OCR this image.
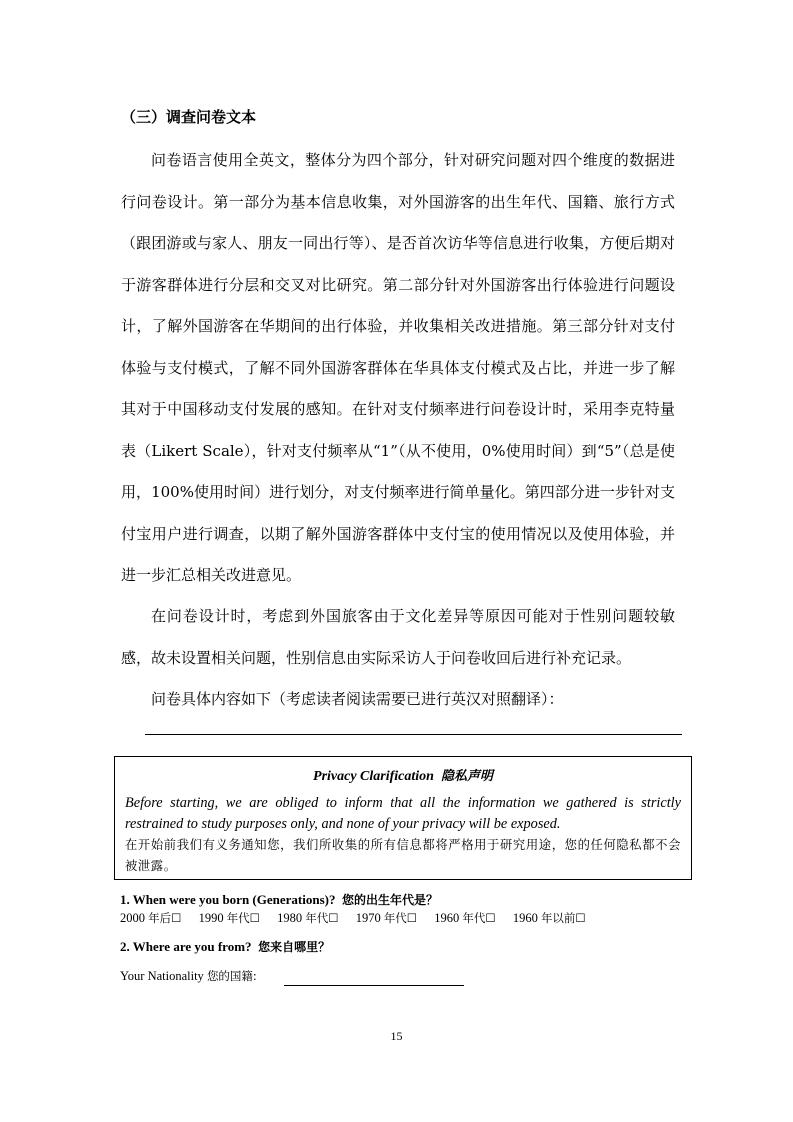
（三）调查问卷文本
问卷语言使用全英文，整体分为四个部分，针对研究问题对四个维度的数据进行问卷设计。第一部分为基本信息收集，对外国游客的出生年代、国籍、旅行方式（跟团游或与家人、朋友一同出行等）、是否首次访华等信息进行收集，方便后期对于游客群体进行分层和交叉对比研究。第二部分针对外国游客出行体验进行问题设计，了解外国游客在华期间的出行体验，并收集相关改进措施。第三部分针对支付体验与支付模式，了解不同外国游客群体在华具体支付模式及占比，并进一步了解其对于中国移动支付发展的感知。在针对支付频率进行问卷设计时，采用李克特量表（Likert Scale），针对支付频率从“1”（从不使用，0%使用时间）到“5”（总是使用，100%使用时间）进行划分，对支付频率进行简单量化。第四部分进一步针对支付宝用户进行调查，以期了解外国游客群体中支付宝的使用情况以及使用体验，并进一步汇总相关改进意见。
在问卷设计时，考虑到外国旅客由于文化差异等原因可能对于性别问题较敏感，故未设置相关问题，性别信息由实际采访人于问卷收回后进行补充记录。
问卷具体内容如下（考虑读者阅读需要已进行英汉对照翻译）：
Privacy Clarification 隐私声明
Before starting, we are obliged to inform that all the information we gathered is strictly restrained to study purposes only, and none of your privacy will be exposed.
在开始前我们有义务通知您，我们所收集的所有信息都将严格用于研究用途，您的任何隐私都不会被泄露。
1. When were you born (Generations)? 您的出生年代是？
2000 年后☐ 1990 年代☐ 1980 年代☐ 1970 年代☐ 1960 年代☐ 1960 年以前☐
2. Where are you from? 您来自哪里？
Your Nationality 您的国籍:
15
